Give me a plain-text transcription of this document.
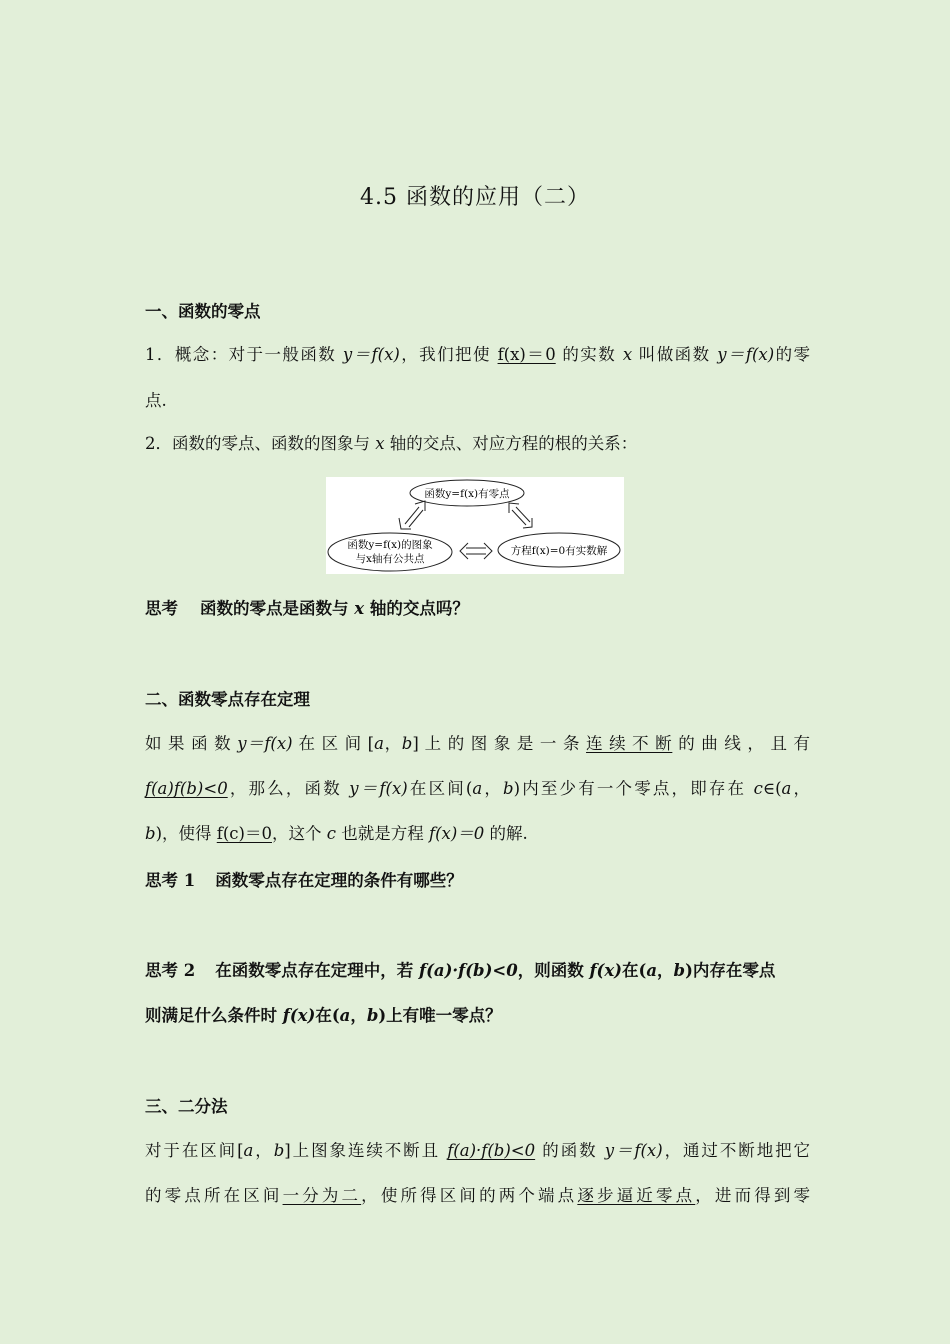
4.5 函数的应用（二）
一、函数的零点
1．概念：对于一般函数 y＝f(x)，我们把使 f(x)＝0 的实数 x 叫做函数 y＝f(x)的零
点.
2．函数的零点、函数的图象与 x 轴的交点、对应方程的根的关系：
函数y=f(x)有零点
函数y=f(x)的图象
与x轴有公共点
方程f(x)=0有实数解
思考 函数的零点是函数与 x 轴的交点吗？
二、函数零点存在定理
如 果 函 数 y＝f(x) 在 区 间 [a，b] 上 的 图 象 是 一 条 连 续 不 断 的 曲 线 ， 且 有
f(a)f(b)<0，那么，函数 y＝f(x)在区间(a，b)内至少有一个零点，即存在 c∈(a，
b)，使得 f(c)＝0，这个 c 也就是方程 f(x)＝0 的解.
思考 1 函数零点存在定理的条件有哪些？
思考 2 在函数零点存在定理中，若 f(a)·f(b)<0，则函数 f(x)在(a，b)内存在零点
则满足什么条件时 f(x)在(a，b)上有唯一零点？
三、二分法
对于在区间[a，b]上图象连续不断且 f(a)·f(b)<0 的函数 y＝f(x)，通过不断地把它
的零点所在区间一分为二，使所得区间的两个端点逐步逼近零点，进而得到零
